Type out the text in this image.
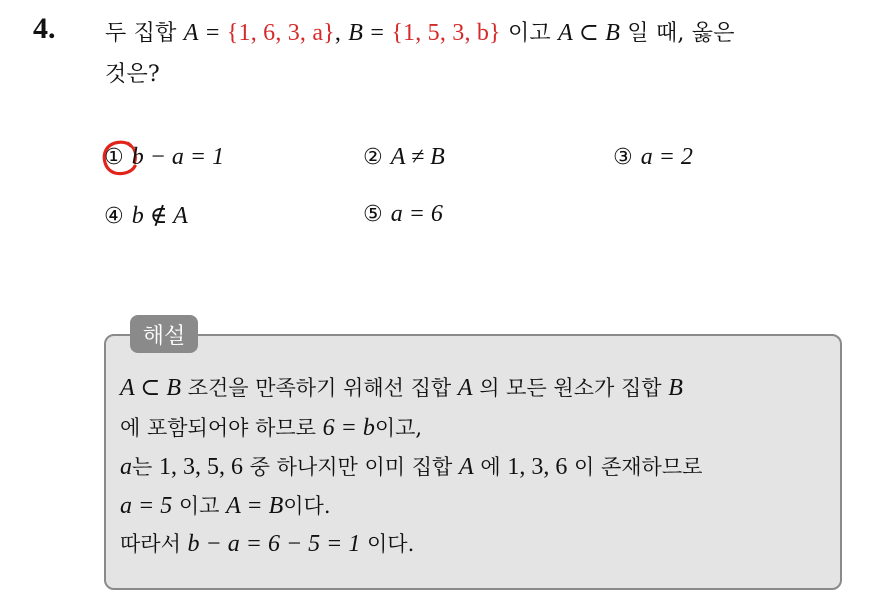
4. 두 집합 A = {1, 6, 3, a}, B = {1, 5, 3, b} 이고 A ⊂ B 일 때, 옳은
것은?
① b − a = 1	② A ≠ B	③ a = 2
④ b ∉ A	⑤ a = 6
해설
A ⊂ B 조건을 만족하기 위해선 집합 A 의 모든 원소가 집합 B
에 포함되어야 하므로 6 = b이고,
a는 1, 3, 5, 6 중 하나지만 이미 집합 A 에 1, 3, 6 이 존재하므로
a = 5 이고 A = B이다.
따라서 b − a = 6 − 5 = 1 이다.
